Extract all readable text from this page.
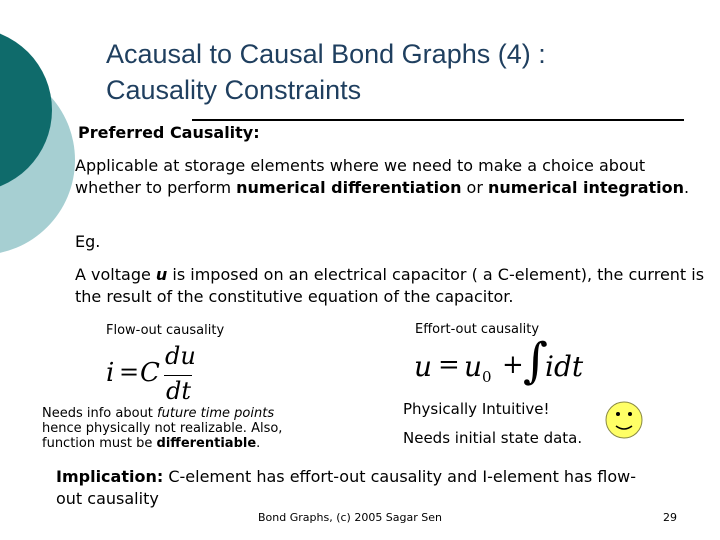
Acausal to Causal Bond Graphs (4) :
Causality Constraints
Preferred Causality:
Applicable at storage elements where we need to make a choice about whether to perform numerical differentiation or numerical integration.
Eg.
A voltage u is imposed on an electrical capacitor ( a C-element), the current is the result of the constitutive equation of the capacitor.
Flow-out causality	Effort-out causality
i = C
du
dt
u = u 0 + ∫
idt
Needs info about future time points hence physically not realizable. Also, function must be differentiable.
Physically Intuitive!
Needs initial state data.
Implication: C-element has effort-out causality and I-element has flow-out causality
Bond Graphs, (c) 2005 Sagar Sen	29
